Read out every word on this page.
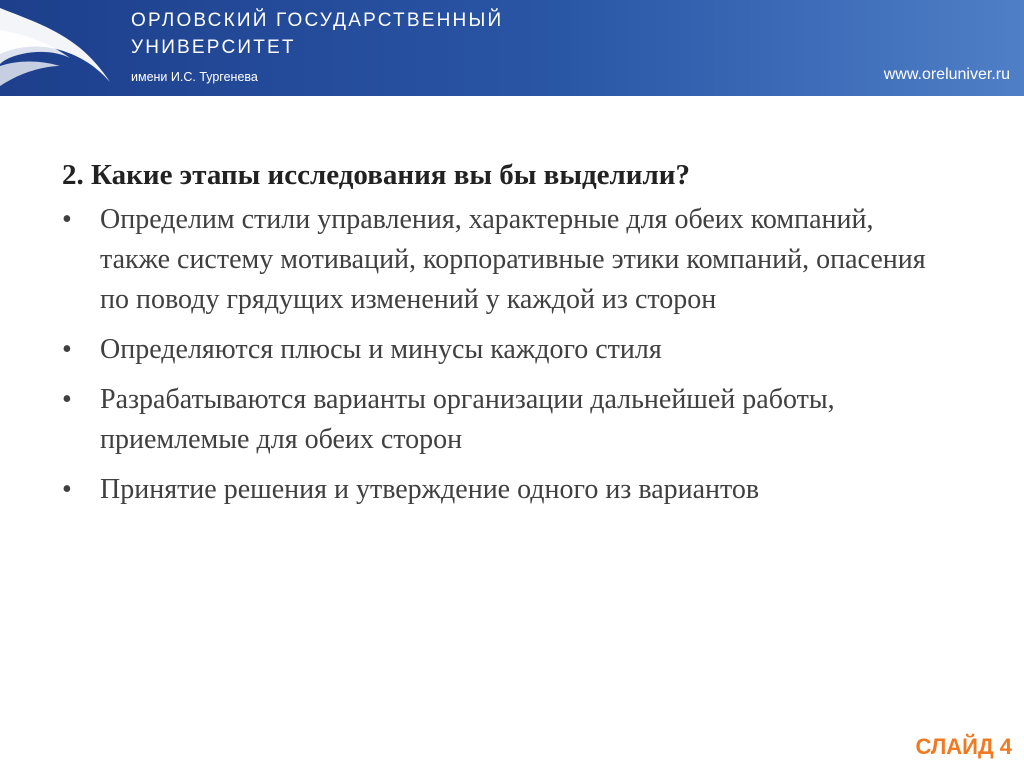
ОРЛОВСКИЙ ГОСУДАРСТВЕННЫЙ
УНИВЕРСИТЕТ
имени И.С. Тургенева	www.oreluniver.ru
2. Какие этапы исследования вы бы выделили?
• Определим стили управления, характерные для обеих компаний, также систему мотиваций, корпоративные этики компаний, опасения по поводу грядущих изменений у каждой из сторон
• Определяются плюсы и минусы каждого стиля
• Разрабатываются варианты организации дальнейшей работы, приемлемые для обеих сторон
• Принятие решения и утверждение одного из вариантов
СЛАЙД 4
